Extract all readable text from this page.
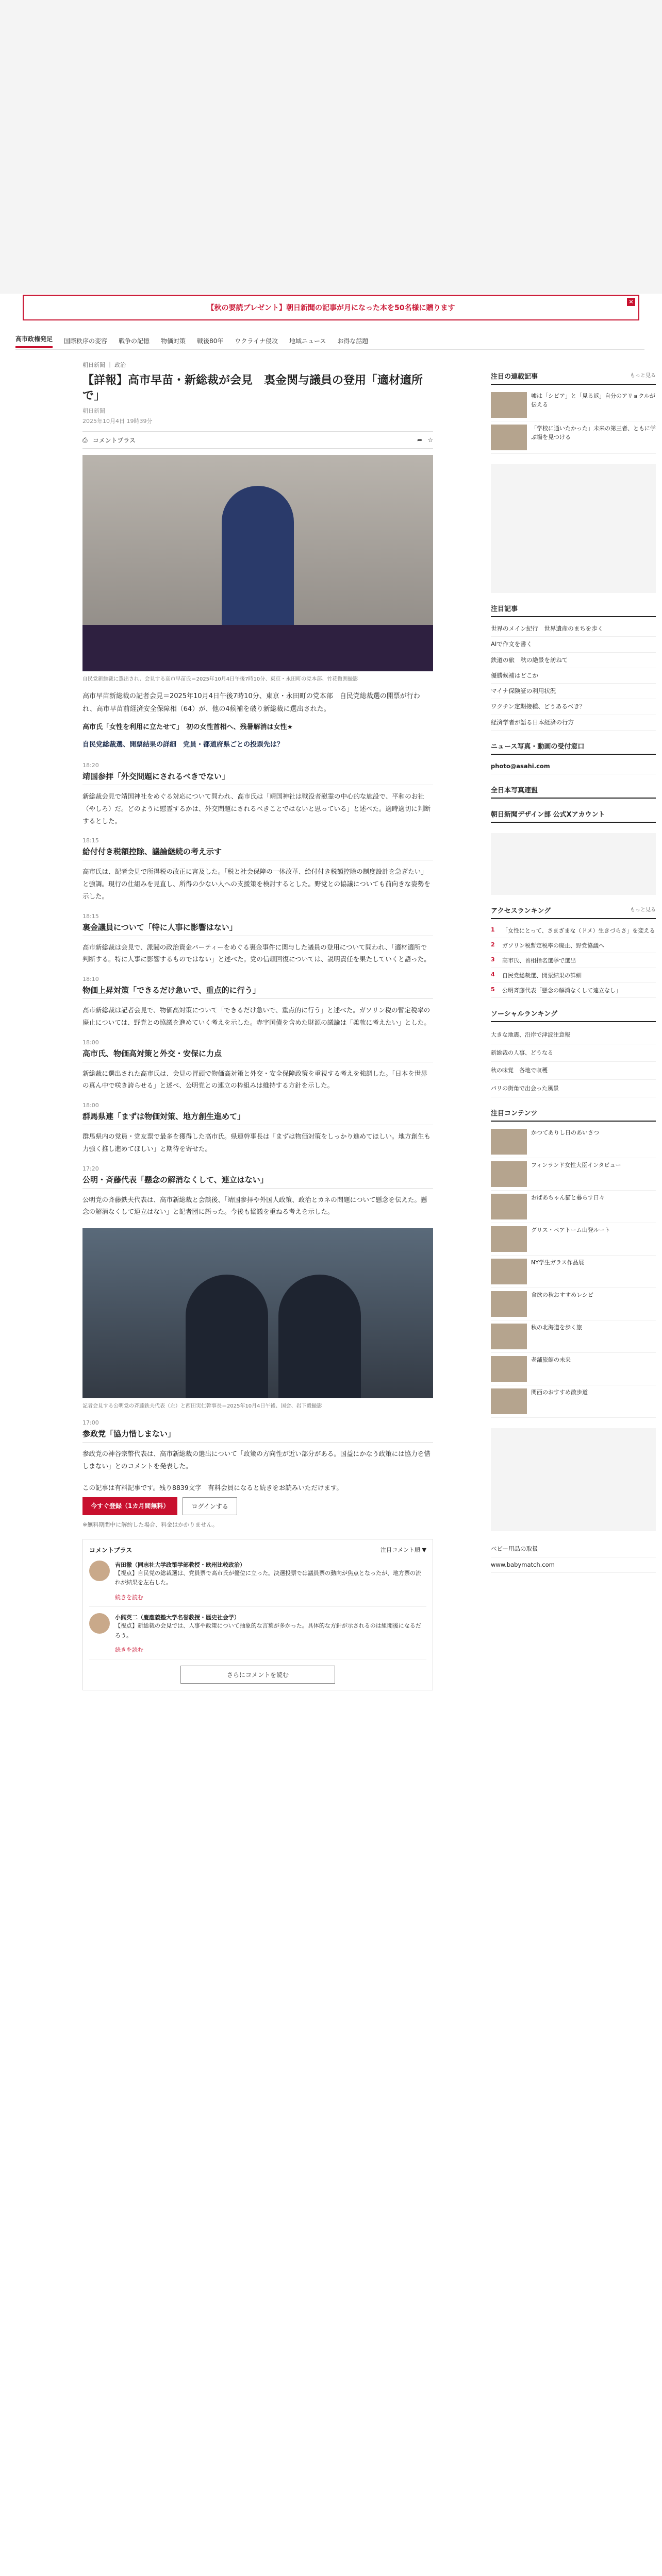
【秋の要読プレゼント】朝日新聞の記事が月になった本を50名様に贈ります
×
高市政権発足 国際秩序の変容 戦争の記憶 物価対策 戦後80年 ウクライナ侵攻 地域ニュース お得な話題
朝日新聞 ｜ 政治
【詳報】高市早苗・新総裁が会見　裏金関与議員の登用「適材適所で」
朝日新聞
2025年10月4日 19時39分
⎙ コメントプラス	➦ ☆
自民党新総裁に選出され、会見する高市早苗氏＝2025年10月4日午後7時10分、東京・永田町の党本部、竹花徹朗撮影
高市早苗新総裁の記者会見＝2025年10月4日午後7時10分、東京・永田町の党本部　自民党総裁選の開票が行われ、高市早苗前経済安全保障相（64）が、他の4候補を破り新総裁に選出された。
高市氏「女性を利用に立たせて」　初の女性首相へ、残暑解消は女性★
自民党総裁選、開票結果の詳細　党員・都道府県ごとの投票先は？
18:20
靖国参拝「外交問題にされるべきでない」

新総裁会見で靖国神社をめぐる対応について問われ、高市氏は「靖国神社は戦没者慰霊の中心的な施設で、平和のお社（やしろ）だ。どのように慰霊するかは、外交問題にされるべきことではないと思っている」と述べた。適時適切に判断するとした。

18:15
給付付き税額控除、議論継続の考え示す

高市氏は、記者会見で所得税の改正に言及した。「税と社会保障の一体改革、給付付き税額控除の制度設計を急ぎたい」と強調。現行の仕組みを見直し、所得の少ない人への支援策を検討するとした。野党との協議についても前向きな姿勢を示した。

18:15
裏金議員について「特に人事に影響はない」

高市新総裁は会見で、派閥の政治資金パーティーをめぐる裏金事件に関与した議員の登用について問われ、「適材適所で判断する。特に人事に影響するものではない」と述べた。党の信頼回復については、説明責任を果たしていくと語った。

18:10
物価上昇対策「できるだけ急いで、重点的に行う」

高市新総裁は記者会見で、物価高対策について「できるだけ急いで、重点的に行う」と述べた。ガソリン税の暫定税率の廃止については、野党との協議を進めていく考えを示した。赤字国債を含めた財源の議論は「柔軟に考えたい」とした。

18:00
高市氏、物価高対策と外交・安保に力点

新総裁に選出された高市氏は、会見の冒頭で物価高対策と外交・安全保障政策を重視する考えを強調した。「日本を世界の真ん中で咲き誇らせる」と述べ、公明党との連立の枠組みは維持する方針を示した。

18:00
群馬県連「まずは物価対策、地方創生進めて」

群馬県内の党員・党友票で最多を獲得した高市氏。県連幹事長は「まずは物価対策をしっかり進めてほしい。地方創生も力強く推し進めてほしい」と期待を寄せた。

17:20
公明・斉藤代表「懸念の解消なくして、連立はない」

公明党の斉藤鉄夫代表は、高市新総裁と会談後、「靖国参拝や外国人政策、政治とカネの問題について懸念を伝えた。懸念の解消なくして連立はない」と記者団に語った。今後も協議を重ねる考えを示した。

記者会見する公明党の斉藤鉄夫代表（左）と西田実仁幹事長＝2025年10月4日午後、国会、岩下毅撮影
17:00
参政党「協力惜しまない」

参政党の神谷宗幣代表は、高市新総裁の選出について「政策の方向性が近い部分がある。国益にかなう政策には協力を惜しまない」とのコメントを発表した。

この記事は有料記事です。残り8839文字　有料会員になると続きをお読みいただけます。
今すぐ登録（1カ月間無料）	ログインする
※無料期間中に解約した場合、料金はかかりません。
コメントプラス	注目コメント順 ▼
吉田徹（同志社大学政策学部教授・欧州比較政治）

【視点】自民党の総裁選は、党員票で高市氏が優位に立った。決選投票では議員票の動向が焦点となったが、地方票の流れが結果を左右した。

続きを読む
小熊英二（慶應義塾大学名誉教授・歴史社会学）

【視点】新総裁の会見では、人事や政策について抽象的な言葉が多かった。具体的な方針が示されるのは組閣後になるだろう。

続きを読む
さらにコメントを読む
注目の連載記事	もっと見る
嘘は「シビア」と「見る返」自分のアリョクルが伝える
「学校に通いたかった」未来の第三者、ともに学ぶ場を見つける
注目記事
世界のメイン紀行　世界遺産のまちを歩く
AIで作文を書く
鉄道の旅　秋の絶景を訪ねて
優勝候補はどこか
マイナ保険証の利用状況
ワクチン定期接種、どうあるべき？
経済学者が語る日本経済の行方
ニュース写真・動画の受付窓口
photo@asahi.com
全日本写真連盟
朝日新聞デザイン部 公式Xアカウント
アクセスランキング	もっと見る
1	「女性にとって、さまざまな（ドメ）生きづらさ」を変える
2	ガソリン税暫定税率の廃止、野党協議へ
3	高市氏、首相指名選挙で選出
4	自民党総裁選、開票結果の詳細
5	公明斉藤代表「懸念の解消なくして連立なし」
ソーシャルランキング
大きな地震、沿岸で津波注意報
新総裁の人事、どうなる
秋の味覚　各地で収穫
パリの街角で出会った風景
注目コンテンツ
かつてありし日のあいさつ
フィンランド女性大臣インタビュー
おばあちゃん猫と暮らす日々
グリス・ペアトーム山登ルート
NY学生ガラス作品展
食欲の秋おすすめレシピ
秋の北海道を歩く旅
老舗旅館の未来
関西のおすすめ散歩道
ベビー用品の取扱
www.babymatch.com
